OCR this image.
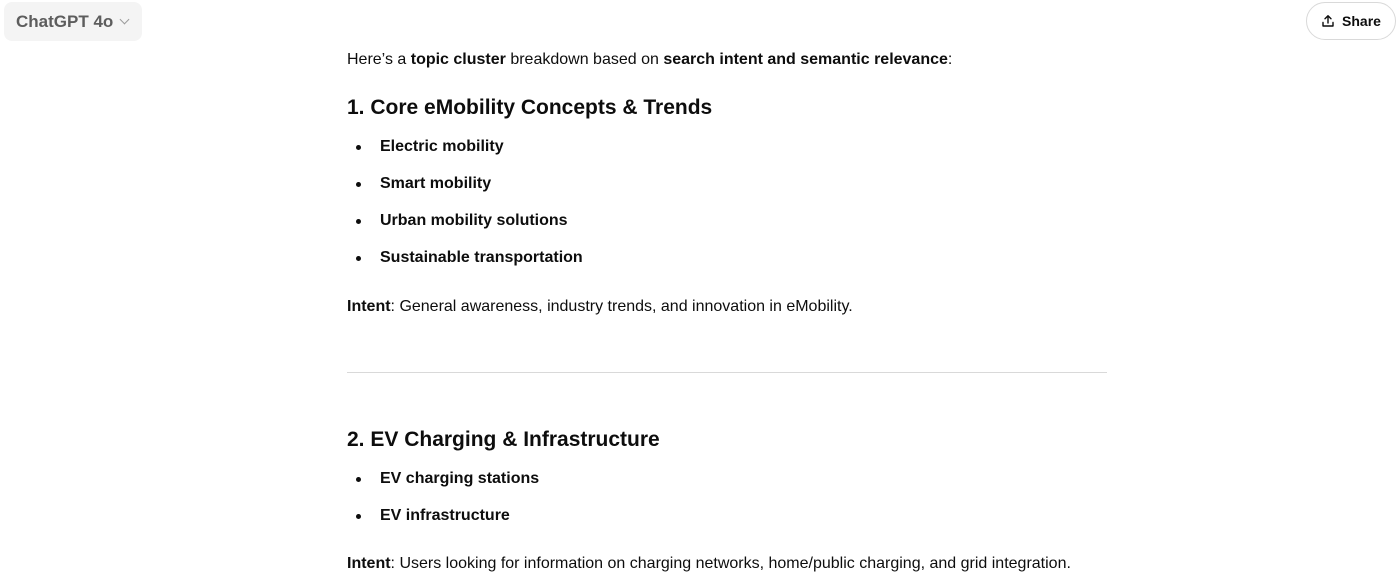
ChatGPT 4o	Share
Here’s a topic cluster breakdown based on search intent and semantic relevance:
1. Core eMobility Concepts & Trends
Electric mobility
Smart mobility
Urban mobility solutions
Sustainable transportation
Intent: General awareness, industry trends, and innovation in eMobility.
2. EV Charging & Infrastructure
EV charging stations
EV infrastructure
Intent: Users looking for information on charging networks, home/public charging, and grid integration.
